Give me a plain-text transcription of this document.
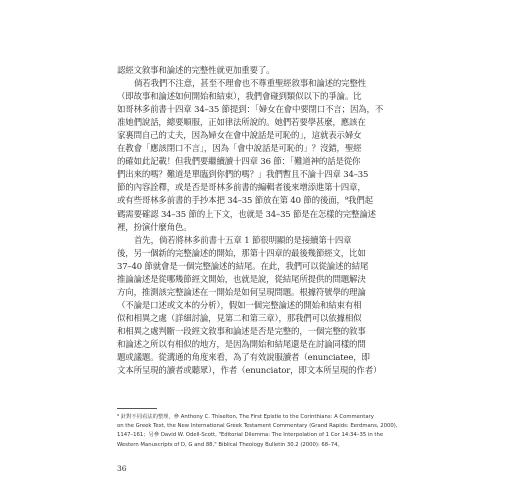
認經文敘事和論述的完整性就更加重要了。
倘若我們不注意，甚至不理會也不尊重聖經敘事和論述的完整性
（即故事和論述如何開始和結束），我們會碰到類似以下的爭論。比
如哥林多前書十四章 34–35 節提到：「婦女在會中要閉口不言；因為，不
准她們說話，總要順服，正如律法所說的。她們若要學甚麼，應該在
家裏問自己的丈夫，因為婦女在會中說話是可恥的」，這就表示婦女
在教會「應該閉口不言」，因為「會中說話是可恥的」？沒錯，聖經
的確如此記載！但我們要繼續讀十四章 36 節：「難道神的話是從你
們出來的嗎？難道是單臨到你們的嗎？」我們暫且不論十四章 34–35
節的內容詮釋，或是否是哥林多前書的編輯者後來增添進第十四章，
或有些哥林多前書的手抄本把 34–35 節放在第 40 節的後面，⁹我們起
碼需要確認 34–35 節的上下文，也就是 34–35 節是在怎樣的完整論述
裡，扮演什麼角色。
首先，倘若將林多前書十五章 1 節很明顯的是接續第十四章
後，另一個新的完整論述的開始，那第十四章的最後幾節經文，比如
37–40 節就會是一個完整論述的結尾。在此，我們可以從論述的結尾
推論論述是從哪幾節經文開始，也就是說，從結尾所提供的問題解決
方向，推測該完整論述在一開始是如何呈現問題。根據符號學的理論
（不論是口述或文本的分析），假如一個完整論述的開始和結束有相
似和相異之處（詳細討論，見第二和第三章），那我們可以依據相似
和相異之處判斷一段經文敘事和論述是否是完整的，一個完整的敘事
和論述之所以有相似的地方，是因為開始和結尾還是在討論同樣的問
題或議題。從溝通的角度來看，為了有效說服讀者（enunciatee，即
文本所呈現的讀者或聽眾），作者（enunciator，即文本所呈現的作者）
⁹ 針對不同看法的整理，參 Anthony C. Thiselton, The First Epistle to the Corinthians: A Commentary
on the Greek Text, the New International Greek Testament Commentary (Grand Rapids: Eerdmans, 2000),
1147–161；另參 David W. Odell-Scott, "Editorial Dilemma: The Interpolation of 1 Cor 14:34–35 in the
Western Manuscripts of D, G and 88," Biblical Theology Bulletin 30.2 (2000): 68–74。
36
